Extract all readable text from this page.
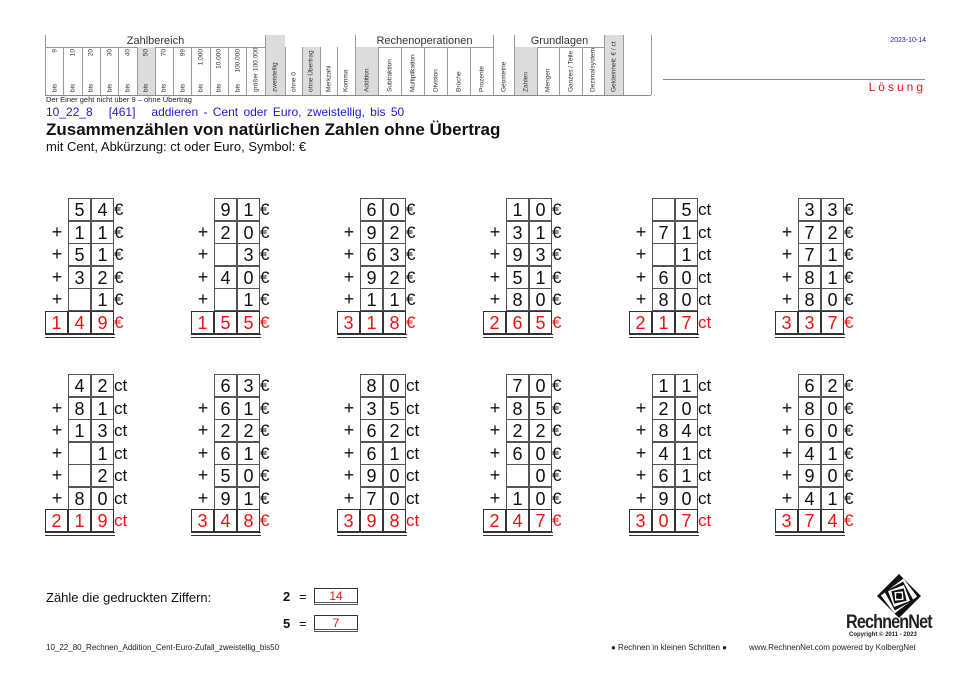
Zahlbereich	Rechenoperationen	Grundlagen
bis
9
bis
10
bis
20
bis
30
bis
40
bis
50
bis
70
bis
99
bis
1.000
bis
10.000
bis
100.000 größer 100.000 zweistellig ohne 0 ohne Übertrag Merkzahl Komma Addition Subtraktion Multiplikation Division Brüche Prozente Geometrie Zahlen Mengen Ganzes / Teile Dezimalsystem Geldeinheit: € / ct
2023-10-14
Lösung
Der Einer geht nicht über 9 – ohne Übertrag
10_22_8   [461]   addieren - Cent oder Euro, zweistellig, bis 50
Zusammenzählen von natürlichen Zahlen ohne Übertrag
mit Cent, Abkürzung: ct oder Euro, Symbol: €
5 4 €
+ 1 1 €
+ 5 1 €
+ 3 2 €
+	1 €
1 4 9 €
9 1 €
+ 2 0 €
+	3 €
+ 4 0 €
+	1 €
1 5 5 €
6 0 €
+ 9 2 €
+ 6 3 €
+ 9 2 €
+ 1 1 €
3 1 8 €
1 0 €
+ 3 1 €
+ 9 3 €
+ 5 1 €
+ 8 0 €
2 6 5 €
5 ct
+ 7 1 ct
+	1 ct
+ 6 0 ct
+ 8 0 ct
2 1 7 ct
3 3 €
+ 7 2 €
+ 7 1 €
+ 8 1 €
+ 8 0 €
3 3 7 €
4 2 ct
+ 8 1 ct
+ 1 3 ct
+	1 ct
+	2 ct
+ 8 0 ct
2 1 9 ct
6 3 €
+ 6 1 €
+ 2 2 €
+ 6 1 €
+ 5 0 €
+ 9 1 €
3 4 8 €
8 0 ct
+ 3 5 ct
+ 6 2 ct
+ 6 1 ct
+ 9 0 ct
+ 7 0 ct
3 9 8 ct
7 0 €
+ 8 5 €
+ 2 2 €
+ 6 0 €
+	0 €
+ 1 0 €
2 4 7 €
1 1 ct
+ 2 0 ct
+ 8 4 ct
+ 4 1 ct
+ 6 1 ct
+ 9 0 ct
3 0 7 ct
6 2 €
+ 8 0 €
+ 6 0 €
+ 4 1 €
+ 9 0 €
+ 4 1 €
3 7 4 €
Zähle die gedruckten Ziffern:	2 =	14
5 =	7
10_22_80_Rechnen_Addition_Cent-Euro-Zufall_zweistellig_bis50	● Rechnen in kleinen Schritten ●	www.RechnenNet.com powered by KolbergNet
RechnenNet
Copyright © 2011 - 2023
